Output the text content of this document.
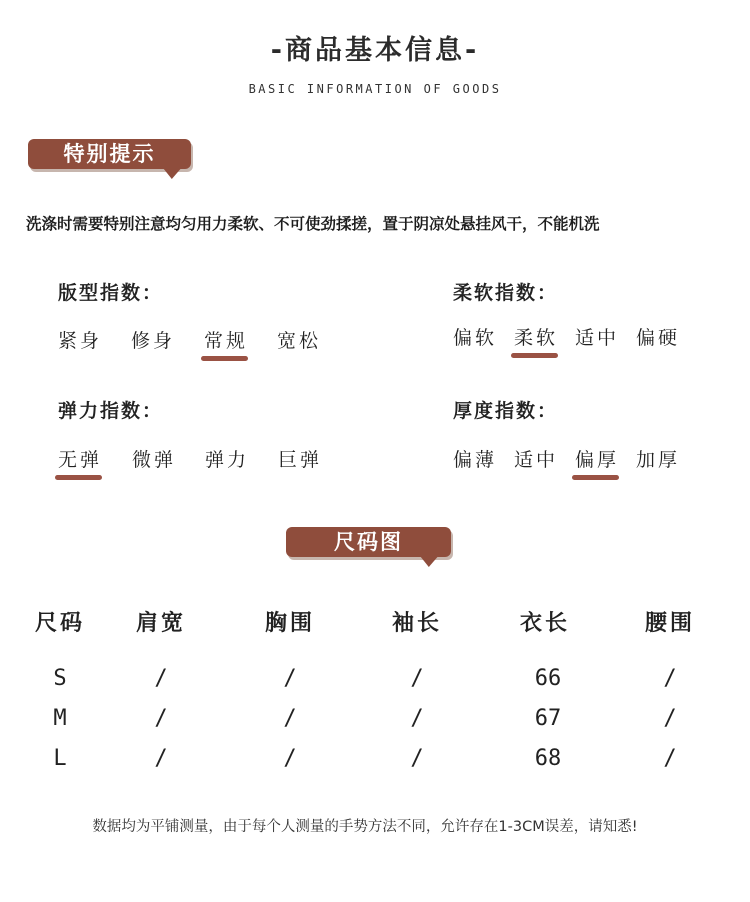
-商品基本信息-
BASIC INFORMATION OF GOODS
特别提示
洗涤时需要特别注意均匀用力柔软、不可使劲揉搓，置于阴凉处悬挂风干，不能机洗
版型指数：
紧身 修身 常规 宽松
柔软指数：
偏软 柔软 适中 偏硬
弹力指数：
无弹 微弹 弹力 巨弹
厚度指数：
偏薄 适中 偏厚 加厚
尺码图
尺码	肩宽	胸围	袖长	衣长	腰围
S	/	/	/	66	/
M	/	/	/	67	/
L	/	/	/	68	/
数据均为平铺测量，由于每个人测量的手势方法不同，允许存在1-3CM误差，请知悉!
